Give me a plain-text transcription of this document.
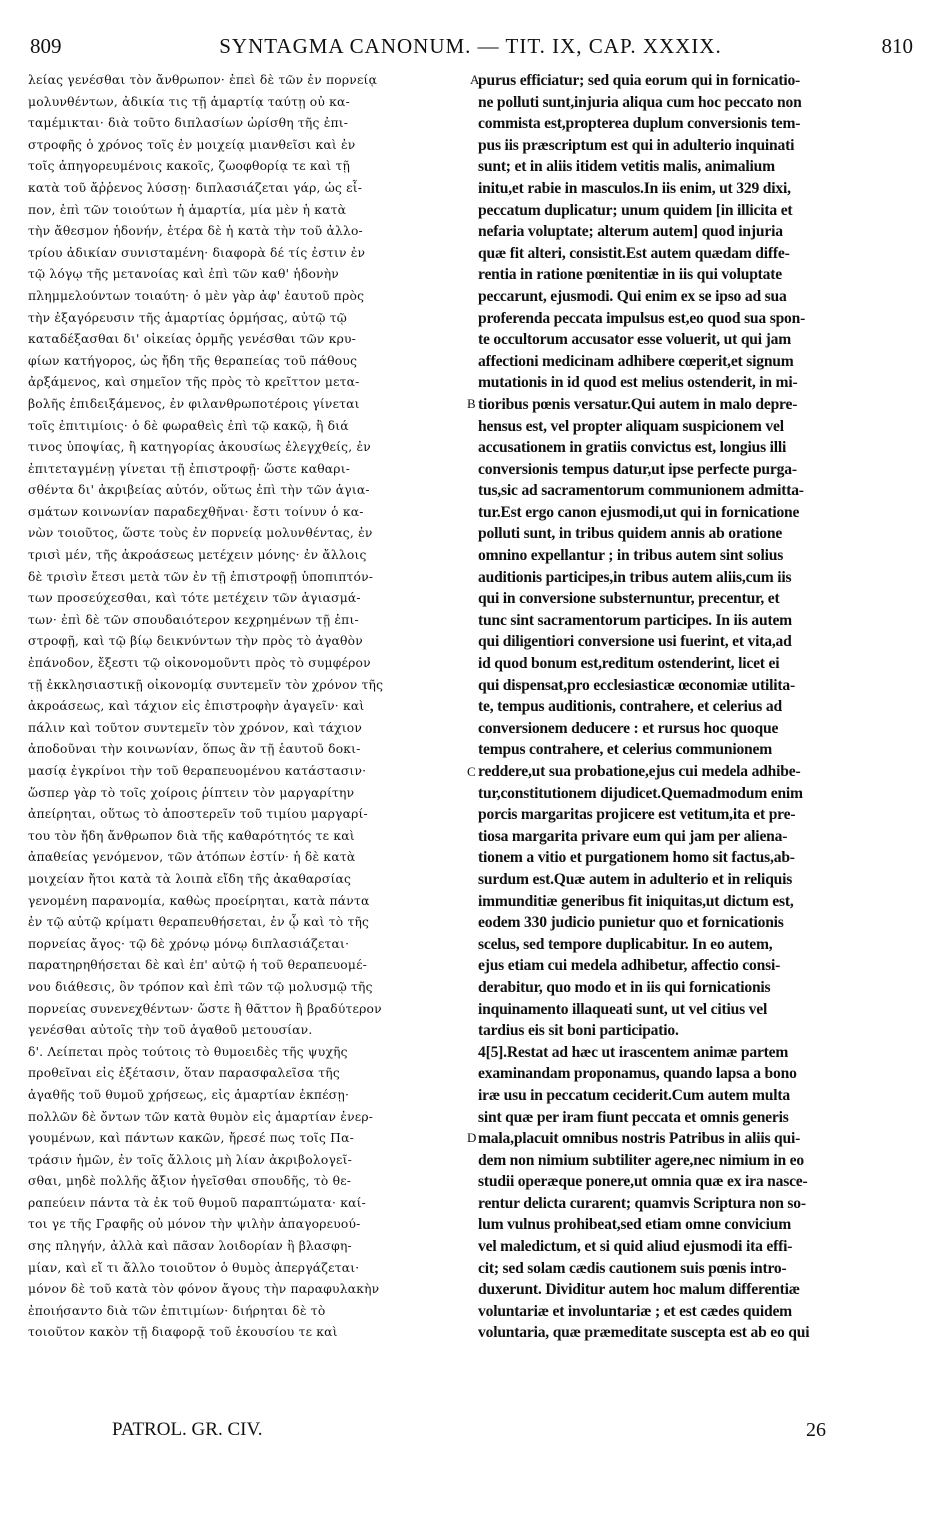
809	SYNTAGMA CANONUM. — TIT. IX, CAP. XXXIX.	810

λείας γενέσθαι τὸν ἄνθρωπον· ἐπεὶ δὲ τῶν ἐν πορνείᾳ

μολυνθέντων, ἀδικία τις τῇ ἁμαρτίᾳ ταύτῃ οὐ κα-

ταμέμικται· διὰ τοῦτο διπλασίων ὡρίσθη τῆς ἐπι-

στροφῆς ὁ χρόνος τοῖς ἐν μοιχείᾳ μιανθεῖσι καὶ ἐν

τοῖς ἀπηγορευμένοις κακοῖς, ζωοφθορίᾳ τε καὶ τῇ

κατὰ τοῦ ἄῤῥενος λύσσῃ· διπλασιάζεται γάρ, ὡς εἶ-

πον, ἐπὶ τῶν τοιούτων ἡ ἁμαρτία, μία μὲν ἡ κατὰ

τὴν ἄθεσμον ἡδονήν, ἑτέρα δὲ ἡ κατὰ τὴν τοῦ ἀλλο-

τρίου ἀδικίαν συνισταμένη· διαφορὰ δέ τίς ἐστιν ἐν

τῷ λόγῳ τῆς μετανοίας καὶ ἐπὶ τῶν καθ' ἡδονὴν

πλημμελούντων τοιαύτη· ὁ μὲν γὰρ ἀφ' ἑαυτοῦ πρὸς

τὴν ἐξαγόρευσιν τῆς ἁμαρτίας ὁρμήσας, αὐτῷ τῷ

καταδέξασθαι δι' οἰκείας ὁρμῆς γενέσθαι τῶν κρυ-

φίων κατήγορος, ὡς ἤδη τῆς θεραπείας τοῦ πάθους

ἀρξάμενος, καὶ σημεῖον τῆς πρὸς τὸ κρεῖττον μετα-

βολῆς ἐπιδειξάμενος, ἐν φιλανθρωποτέροις γίνεται

τοῖς ἐπιτιμίοις· ὁ δὲ φωραθεὶς ἐπὶ τῷ κακῷ, ἢ διά

τινος ὑποψίας, ἢ κατηγορίας ἀκουσίως ἐλεγχθείς, ἐν

ἐπιτεταγμένῃ γίνεται τῇ ἐπιστροφῇ· ὥστε καθαρι-

σθέντα δι' ἀκριβείας αὐτόν, οὕτως ἐπὶ τὴν τῶν ἁγια-

σμάτων κοινωνίαν παραδεχθῆναι· ἔστι τοίνυν ὁ κα-

νὼν τοιοῦτος, ὥστε τοὺς ἐν πορνείᾳ μολυνθέντας, ἐν

τρισὶ μέν, τῆς ἀκροάσεως μετέχειν μόνης· ἐν ἄλλοις

δὲ τρισὶν ἔτεσι μετὰ τῶν ἐν τῇ ἐπιστροφῇ ὑποπιπτόν-

των προσεύχεσθαι, καὶ τότε μετέχειν τῶν ἁγιασμά-

των· ἐπὶ δὲ τῶν σπουδαιότερον κεχρημένων τῇ ἐπι-

στροφῇ, καὶ τῷ βίῳ δεικνύντων τὴν πρὸς τὸ ἀγαθὸν

ἐπάνοδον, ἔξεστι τῷ οἰκονομοῦντι πρὸς τὸ συμφέρον

τῇ ἐκκλησιαστικῇ οἰκονομίᾳ συντεμεῖν τὸν χρόνον τῆς

ἀκροάσεως, καὶ τάχιον εἰς ἐπιστροφὴν ἀγαγεῖν· καὶ

πάλιν καὶ τοῦτον συντεμεῖν τὸν χρόνον, καὶ τάχιον

ἀποδοῦναι τὴν κοινωνίαν, ὅπως ἂν τῇ ἑαυτοῦ δοκι-

μασίᾳ ἐγκρίνοι τὴν τοῦ θεραπευομένου κατάστασιν·

ὥσπερ γὰρ τὸ τοῖς χοίροις ῥίπτειν τὸν μαργαρίτην

ἀπείρηται, οὕτως τὸ ἀποστερεῖν τοῦ τιμίου μαργαρί-

του τὸν ἤδη ἄνθρωπον διὰ τῆς καθαρότητός τε καὶ

ἀπαθείας γενόμενον, τῶν ἀτόπων ἐστίν· ἡ δὲ κατὰ

μοιχείαν ἤτοι κατὰ τὰ λοιπὰ εἴδη τῆς ἀκαθαρσίας

γενομένη παρανομία, καθὼς προείρηται, κατὰ πάντα

ἐν τῷ αὐτῷ κρίματι θεραπευθήσεται, ἐν ᾧ καὶ τὸ τῆς

πορνείας ἄγος· τῷ δὲ χρόνῳ μόνῳ διπλασιάζεται·

παρατηρηθήσεται δὲ καὶ ἐπ' αὐτῷ ἡ τοῦ θεραπευομέ-

νου διάθεσις, ὃν τρόπον καὶ ἐπὶ τῶν τῷ μολυσμῷ τῆς

πορνείας συνενεχθέντων· ὥστε ἢ θᾶττον ἢ βραδύτερον

γενέσθαι αὐτοῖς τὴν τοῦ ἀγαθοῦ μετουσίαν.

δ'. Λείπεται πρὸς τούτοις τὸ θυμοειδὲς τῆς ψυχῆς

προθεῖναι εἰς ἐξέτασιν, ὅταν παρασφαλεῖσα τῆς

ἀγαθῆς τοῦ θυμοῦ χρήσεως, εἰς ἁμαρτίαν ἐκπέσῃ·

πολλῶν δὲ ὄντων τῶν κατὰ θυμὸν εἰς ἁμαρτίαν ἐνερ-

γουμένων, καὶ πάντων κακῶν, ἤρεσέ πως τοῖς Πα-

τράσιν ἡμῶν, ἐν τοῖς ἄλλοις μὴ λίαν ἀκριβολογεῖ-

σθαι, μηδὲ πολλῆς ἄξιον ἡγεῖσθαι σπουδῆς, τὸ θε-

ραπεύειν πάντα τὰ ἐκ τοῦ θυμοῦ παραπτώματα· καί-

τοι γε τῆς Γραφῆς οὐ μόνον τὴν ψιλὴν ἀπαγορευού-

σης πληγήν, ἀλλὰ καὶ πᾶσαν λοιδορίαν ἢ βλασφη-

μίαν, καὶ εἴ τι ἄλλο τοιοῦτον ὁ θυμὸς ἀπεργάζεται·

μόνον δὲ τοῦ κατὰ τὸν φόνον ἄγους τὴν παραφυλακὴν

ἐποιήσαντο διὰ τῶν ἐπιτιμίων· διήρηται δὲ τὸ

τοιοῦτον κακὸν τῇ διαφορᾷ τοῦ ἑκουσίου τε καὶ

purus efficiatur; sed quia eorum qui in fornicatio-

ne polluti sunt,injuria aliqua cum hoc peccato non

commista est,propterea duplum conversionis tem-

pus iis præscriptum est qui in adulterio inquinati

sunt; et in aliis itidem vetitis malis, animalium

initu,et rabie in masculos.In iis enim, ut 329 dixi,

peccatum duplicatur; unum quidem [in illicita et

nefaria voluptate; alterum autem] quod injuria

quæ fit alteri, consistit.Est autem quædam diffe-

rentia in ratione pœnitentiæ in iis qui voluptate

peccarunt, ejusmodi. Qui enim ex se ipso ad sua

proferenda peccata impulsus est,eo quod sua spon-

te occultorum accusator esse voluerit, ut qui jam

affectioni medicinam adhibere cœperit,et signum

mutationis in id quod est melius ostenderit, in mi-

tioribus pœnis versatur.Qui autem in malo depre-

hensus est, vel propter aliquam suspicionem vel

accusationem in gratiis convictus est, longius illi

conversionis tempus datur,ut ipse perfecte purga-

tus,sic ad sacramentorum communionem admitta-

tur.Est ergo canon ejusmodi,ut qui in fornicatione

polluti sunt, in tribus quidem annis ab oratione

omnino expellantur ; in tribus autem sint solius

auditionis participes,in tribus autem aliis,cum iis

qui in conversione substernuntur, precentur, et

tunc sint sacramentorum participes. In iis autem

qui diligentiori conversione usi fuerint, et vita,ad

id quod bonum est,reditum ostenderint, licet ei

qui dispensat,pro ecclesiasticæ œconomiæ utilita-

te, tempus auditionis, contrahere, et celerius ad

conversionem deducere : et rursus hoc quoque

tempus contrahere, et celerius communionem

reddere,ut sua probatione,ejus cui medela adhibe-

tur,constitutionem dijudicet.Quemadmodum enim

porcis margaritas projicere est vetitum,ita et pre-

tiosa margarita privare eum qui jam per aliena-

tionem a vitio et purgationem homo sit factus,ab-

surdum est.Quæ autem in adulterio et in reliquis

immunditiæ generibus fit iniquitas,ut dictum est,

eodem 330 judicio punietur quo et fornicationis

scelus, sed tempore duplicabitur. In eo autem,

ejus etiam cui medela adhibetur, affectio consi-

derabitur, quo modo et in iis qui fornicationis

inquinamento illaqueati sunt, ut vel citius vel

tardius eis sit boni participatio.

4[5].Restat ad hæc ut irascentem animæ partem

examinandam proponamus, quando lapsa a bono

iræ usu in peccatum ceciderit.Cum autem multa

sint quæ per iram fiunt peccata et omnis generis

mala,placuit omnibus nostris Patribus in aliis qui-

dem non nimium subtiliter agere,nec nimium in eo

studii operæque ponere,ut omnia quæ ex ira nasce-

rentur delicta curarent; quamvis Scriptura non so-

lum vulnus prohibeat,sed etiam omne convicium

vel maledictum, et si quid aliud ejusmodi ita effi-

cit; sed solam cædis cautionem suis pœnis intro-

duxerunt. Dividitur autem hoc malum differentiæ

voluntariæ et involuntariæ ; et est cædes quidem

voluntaria, quæ præmeditate suscepta est ab eo qui

A
B
C
D
PATROL. GR. CIV.	26
